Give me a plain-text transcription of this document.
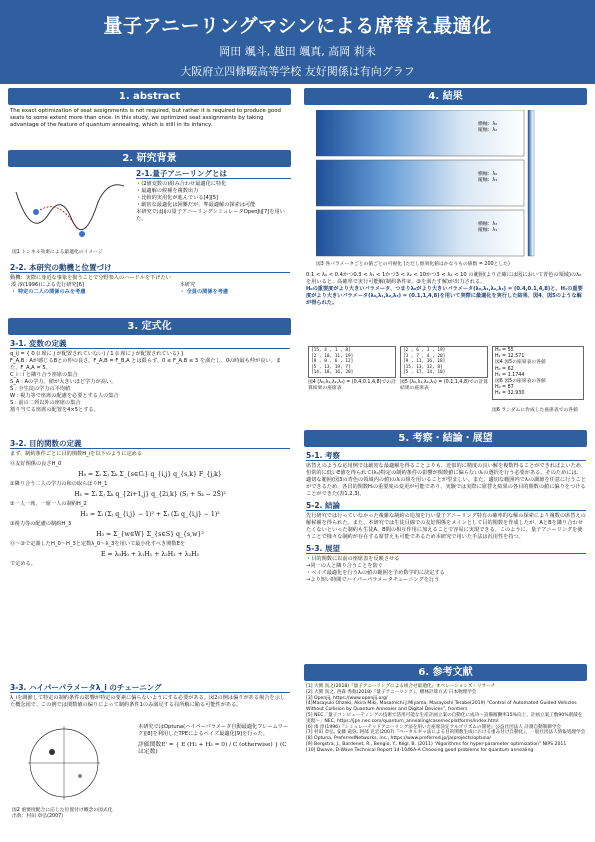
量子アニーリングマシンによる席替え最適化
岡田 颯斗, 越田 颯真, 高岡 莉未
大阪府立四條畷高等学校 友好関係は有向グラフ
1. abstract
The exact optimization of seat assignments is not required, but rather it is required to produce good seats to some extent more than once. In this study, we optimized seat assignments by taking advantage of the feature of quantum annealing, which is still in its infancy.
2. 研究背景
図1 トンネル効果による最適化のイメージ
2-1.量子アニーリングとは
・(2値変数の)組み合わせ最適化に特化
・最適解の候補を複数出力
・比較的実用化が進んでいる[4][5]
・厳密な最適化は困難だが、準最適解の探索は可能
本研究ではJijの量子アニーリングシミュレータOpenJij[7]を用いた。
2-2. 本研究の動機と位置づけ
動機：実際に身近な事象を扱うことで分野参入のハードルを下げたい
湊 淳(1996)による先行研究[6]	本研究
・ 特定の二人の関係のみを考慮	・ 全員の関係を考慮
3. 定式化
3-1. 変数の定義
q_ij = { 0 (i 席に j が配置されていない) / 1 (i 席に j が配置されている) }
F_A,B : Aが感じるBとの仲の良さ。F_A,B = F_B,A とは限らず、0 ≤ F_A,B ≤ 3 を満たし、0の時最も仲が良い。また、F_A,A = 5。
C_i : i と隣り合う座席の集合
S_A : Aの学力。値が大きいほど学力が高い。
S̄ : 全生徒の学力の平均値
W : 視力等で座席の配慮を必要とする人の集合
S : 前の二列以外の座席の集合
割り当てる座席の配置を4×5とする。
3-2. 目的関数の定義
まず、制約条件ごとに目的関数H_iを以下のように定める
⓪友好関係の良さH_0
H₀ = Σᵢ Σⱼ Σₖ Σ_{s∈Cᵢ} q_{i,j} q_{s,k} F_{j,k}
①隣り合う二人の学力の和の取らばりH_1
H₁ = Σᵢ Σⱼ Σₖ q_{2i+1,j} q_{2i,k} (Sⱼ + Sₖ − 2S̄)²
②一人一席、一席一人の制約H_2
H₂ = Σᵢ (Σⱼ q_{i,j} − 1)² + Σⱼ (Σᵢ q_{i,j} − 1)²
③視力等の配慮の制約H_3
H₃ = Σ_{w∈W} Σ_{s∈S} q_{s,w}²
⓪〜③で定義したH_0〜H_3と定数λ_0〜λ_3を用いて最小化すべき関数Eを
E = λ₀H₀ + λ₁H₁ + λ₂H₂ + λ₃H₃
で定める。
3-3. ハイパーパラメータλ_i のチューニング
λ_iを調節して特定の制約条件の影響が特定の要素に偏らないようにする必要がある。図2の例は偏りがある場合を示した概念図で、この例では関数値の偏りによって制約条件1のみ満足する局所解に陥る可能性がある。
図2 重要度配合に応じた位置付け概念の図式化
出典：村田 章弘(2007)
本研究ではOptuna(ハイパーパラメータ自動最適化フレームワーク)[8]を利用したTPEによるベイズ最適化[9]を行った。
評価関数E' = { E (H₂ + H₃ = 0) / C (otherwise) } (Cは定数)
4. 結果
横軸：λ₀
縦軸：λ₂
横軸：λ₀
縦軸：λ₃
横軸：λ₂
縦軸：λ₃
図3 各パラメータごとの値ごとの可視化 (ただし無効化値はかなりもの値数 = 200とした)
0.1 < λ₀ < 0.4かつ0.3 < λ₁ < 1かつ3 < λ₂ < 10かつ3 < λ₃ < 10 の範囲(より正確には図において青色の領域)のλ₀を用いると、高確率で実行可能解(制約条件②、③を満たす解)が出力される。
H₀の重要度がより大きいパラメータ、つまりλ₀がより大きいパラメータ(λ₀,λ₁,λ₂,λ₃) = (0.4,0.1,4,8)と、H₁の重要度がより大きいパラメータ(λ₀,λ₁,λ₂,λ₃) = (0.1,1,4,8)を用いて実際に最適化を実行した結果、図4、図5のような解が得られた。
[15, 4 , 1 , 8]
[2 , 10, 11, 19]
[9 , 8 , 6 , 12]
[5 , 13, 19, 7]
[14, 18, 16, 20]
図4 (λ₀,λ₁,λ₂,λ₃) = (0.4,0.1,4,8)での計算結果の座席表
[2 , 6 , 1 , 19]
[3 , 7 , 4 , 20]
[9 , 11, 16, 18]
[15, 13, 12, 8]
[5 , 17, 14, 10]
図5 (λ₀,λ₁,λ₂,λ₃) = (0.1,1,4,8)での計算結果の座席表
H₀ = 55
H₁ = 12.571
図4 図5の座席表の各値
H₀ = 62
H₁ = 1.1744
図6 図5の座席表の各値
H₀ = 87
H₁ = 32.930
図6 ランダムに作成した座席表での各値
5. 考察・結論・展望
5-1. 考察
席替えのような応用例では厳密な最適解を得ることよりも、近似的に精度の良い解を複数得ることができればよいため、恒常的に低いE値を得られて(λ₀)特定の制約条件の影響が関数値に偏らないλᵢの選択を行う必要がある。そのためには、適切な範囲(図3の青色の領域内の値)のλᵢの組を用いることが望ましい。また、適切な範囲内でλᵢの調節を任意に行うことができるため、各目的関数Hᵢの重要度の変更が可能であり、実験では実際に席替え結果の各目的関数の値に偏りをつけることができた(表1,2,3)。
5-2. 結論
先行研究では行っていなかった複雑な制約の追加を行い量子アニーリング特有の確率的な解の探索により複数の席替えの解候補を得られた。また、本研究では生徒目線での友好関係をメインとして目的関数を作成したが、AとBを隣り合わせたくないといった制約も生徒A、B間の相互作用に加えることで容易に実現できる。このように、量子アニーリングを使うことで様々な制約が存在する席替えも可能であるため本研究で用いた手法は汎用性を持つ。
5-3. 展望
・目的関数に以前の座席表を反映させる
→同一の人と隣り合うことを防ぐ
・ベイズ最適化を行うλᵢの値の範囲を予め数学的に決定する
→より短い時間でハイパーパラメータチューニングを行う
6. 参考文献
[1] 大関 真之(2018)『量子アニーリングによる組合せ最適化』オペレーションズ・リサーチ
[2] 大関 真之, 西森 秀稔(2018)『量子アニーリング』、横林計算方式 日本物理学会
[3] Openjij, https://www.openjij.org/
[4]Masayuki Ohzeki, Akira Miki, Masamichi J.Miyama, Masayoshi Terabe(2019) “Control of Automated Guided Vehicles Without Collision by Quantum Annealer and Digital Devices”, frontiers
[5] NEC「量子コンピューティングの技術で活用可能な生産計画立案の自動化に成功～設備稼働率15%向上、計画立案工数90%削減を実現～」NEC, https://jpn.nec.com/quantum_annealing/case/necplatforms/index.html
[6] 湊 淳(1996)『シミュレーテッドアニーリング法を用いた座席決定アルゴリズムの開発』公益社団法人 計測自動制御学会
[7] 村田 章弘, 安藤 竜弥, 阿部 克宏(2007)『ベータルギャ法による目的関数生成における重み付け自動化』、一般社団法人情報処理学会
[8] Optuna, PreferredNetworks, inc., https://www.preferred.jp/ja/projects/optuna/
[9] Bergstra, J., Bardenet, R., Bengio, Y., Kégl, B. (2011) “Algorithms for hyper-parameter optimization” NIPS 2011
[10] Dwave, D-Wave Technical Report 14-1046A-A Choosing good problems for quantum annealing
